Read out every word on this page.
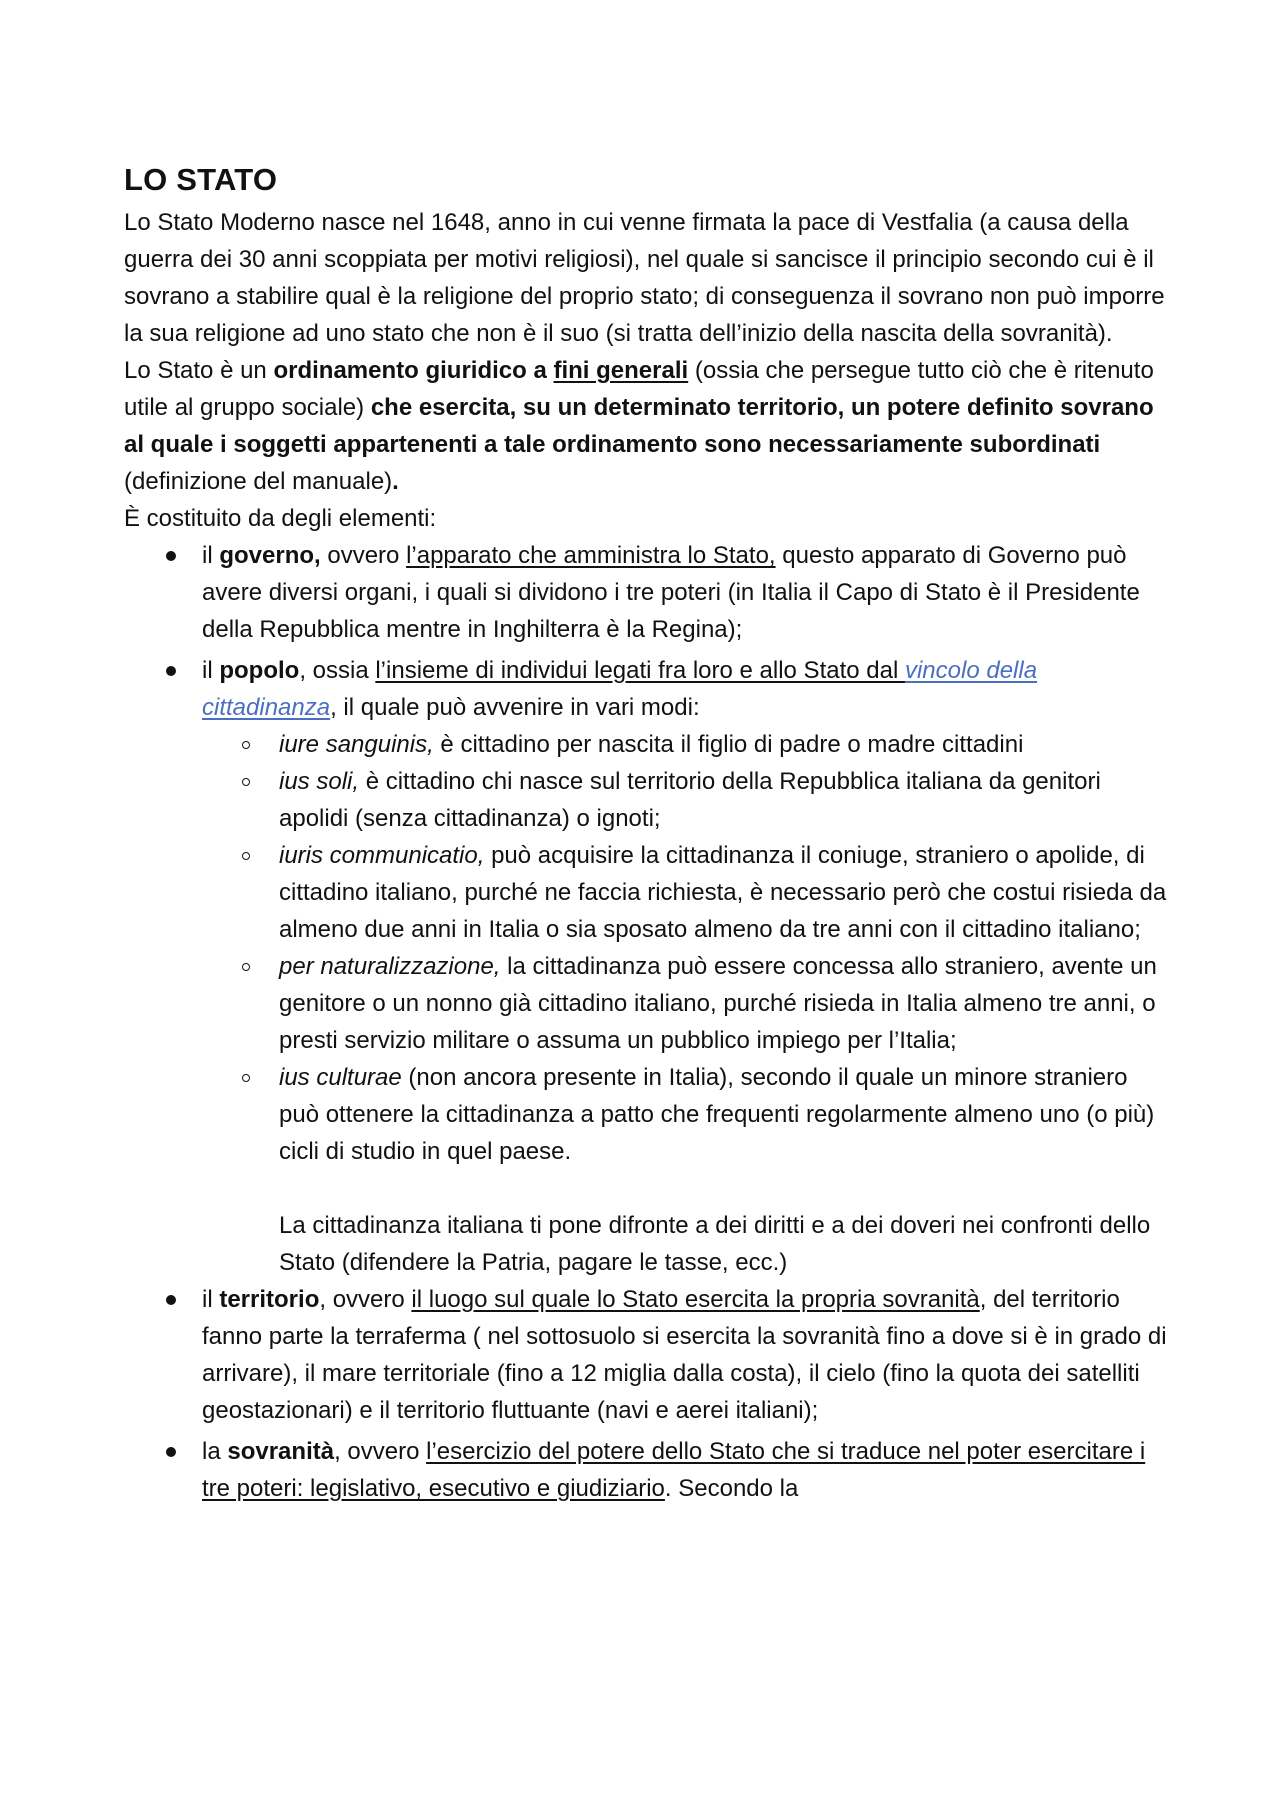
LO STATO

Lo Stato Moderno nasce nel 1648, anno in cui venne firmata la pace di Vestfalia (a causa della guerra dei 30 anni scoppiata per motivi religiosi), nel quale si sancisce il principio secondo cui è il sovrano a stabilire qual è la religione del proprio stato; di conseguenza il sovrano non può imporre la sua religione ad uno stato che non è il suo (si tratta dell’inizio della nascita della sovranità).

Lo Stato è un ordinamento giuridico a fini generali (ossia che persegue tutto ciò che è ritenuto utile al gruppo sociale) che esercita, su un determinato territorio, un potere definito sovrano al quale i soggetti appartenenti a tale ordinamento sono necessariamente subordinati (definizione del manuale).

È costituito da degli elementi:

il governo, ovvero l’apparato che amministra lo Stato, questo apparato di Governo può avere diversi organi, i quali si dividono i tre poteri (in Italia il Capo di Stato è il Presidente della Repubblica mentre in Inghilterra è la Regina);
il popolo, ossia l’insieme di individui legati fra loro e allo Stato dal vincolo della cittadinanza, il quale può avvenire in vari modi:
iure sanguinis, è cittadino per nascita il figlio di padre o madre cittadini
ius soli, è cittadino chi nasce sul territorio della Repubblica italiana da genitori apolidi (senza cittadinanza) o ignoti;
iuris communicatio, può acquisire la cittadinanza il coniuge, straniero o apolide, di cittadino italiano, purché ne faccia richiesta, è necessario però che costui risieda da almeno due anni in Italia o sia sposato almeno da tre anni con il cittadino italiano;
per naturalizzazione, la cittadinanza può essere concessa allo straniero, avente un genitore o un nonno già cittadino italiano, purché risieda in Italia almeno tre anni, o presti servizio militare o assuma un pubblico impiego per l’Italia;
ius culturae (non ancora presente in Italia), secondo il quale un minore straniero può ottenere la cittadinanza a patto che frequenti regolarmente almeno uno (o più) cicli di studio in quel paese.
La cittadinanza italiana ti pone difronte a dei diritti e a dei doveri nei confronti dello Stato (difendere la Patria, pagare le tasse, ecc.)
il territorio, ovvero il luogo sul quale lo Stato esercita la propria sovranità, del territorio fanno parte la terraferma ( nel sottosuolo si esercita la sovranità fino a dove si è in grado di arrivare), il mare territoriale (fino a 12 miglia dalla costa), il cielo (fino la quota dei satelliti geostazionari) e il territorio fluttuante (navi e aerei italiani);
la sovranità, ovvero l’esercizio del potere dello Stato che si traduce nel poter esercitare i tre poteri: legislativo, esecutivo e giudiziario. Secondo la
